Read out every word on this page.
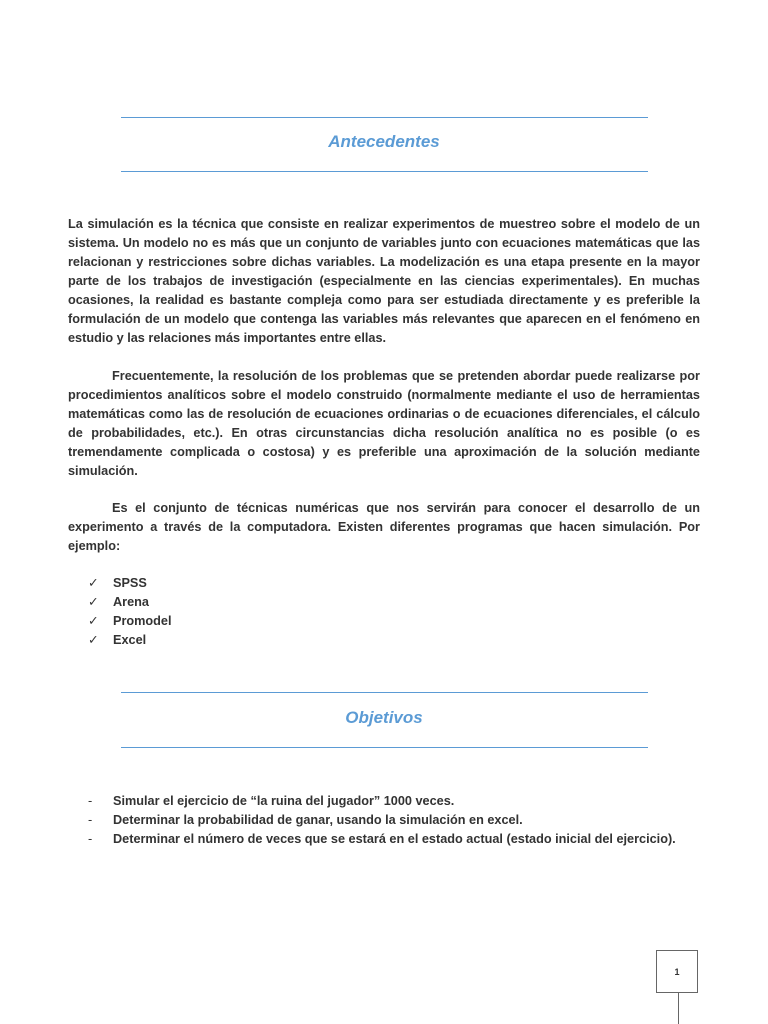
Antecedentes

La simulación es la técnica que consiste en realizar experimentos de muestreo sobre el modelo de un sistema. Un modelo no es más que un conjunto de variables junto con ecuaciones matemáticas que las relacionan y restricciones sobre dichas variables. La modelización es una etapa presente en la mayor parte de los trabajos de investigación (especialmente en las ciencias experimentales). En muchas ocasiones, la realidad es bastante compleja como para ser estudiada directamente y es preferible la formulación de un modelo que contenga las variables más relevantes que aparecen en el fenómeno en estudio y las relaciones más importantes entre ellas.

Frecuentemente, la resolución de los problemas que se pretenden abordar puede realizarse por procedimientos analíticos sobre el modelo construido (normalmente mediante el uso de herramientas matemáticas como las de resolución de ecuaciones ordinarias o de ecuaciones diferenciales, el cálculo de probabilidades, etc.). En otras circunstancias dicha resolución analítica no es posible (o es tremendamente complicada o costosa) y es preferible una aproximación de la solución mediante simulación.

Es el conjunto de técnicas numéricas que nos servirán para conocer el desarrollo de un experimento a través de la computadora. Existen diferentes programas que hacen simulación. Por ejemplo:

✓ SPSS
✓ Arena
✓ Promodel
✓ Excel
Objetivos
- Simular el ejercicio de “la ruina del jugador” 1000 veces.
- Determinar la probabilidad de ganar, usando la simulación en excel.
- Determinar el número de veces que se estará en el estado actual (estado inicial del ejercicio).
1
